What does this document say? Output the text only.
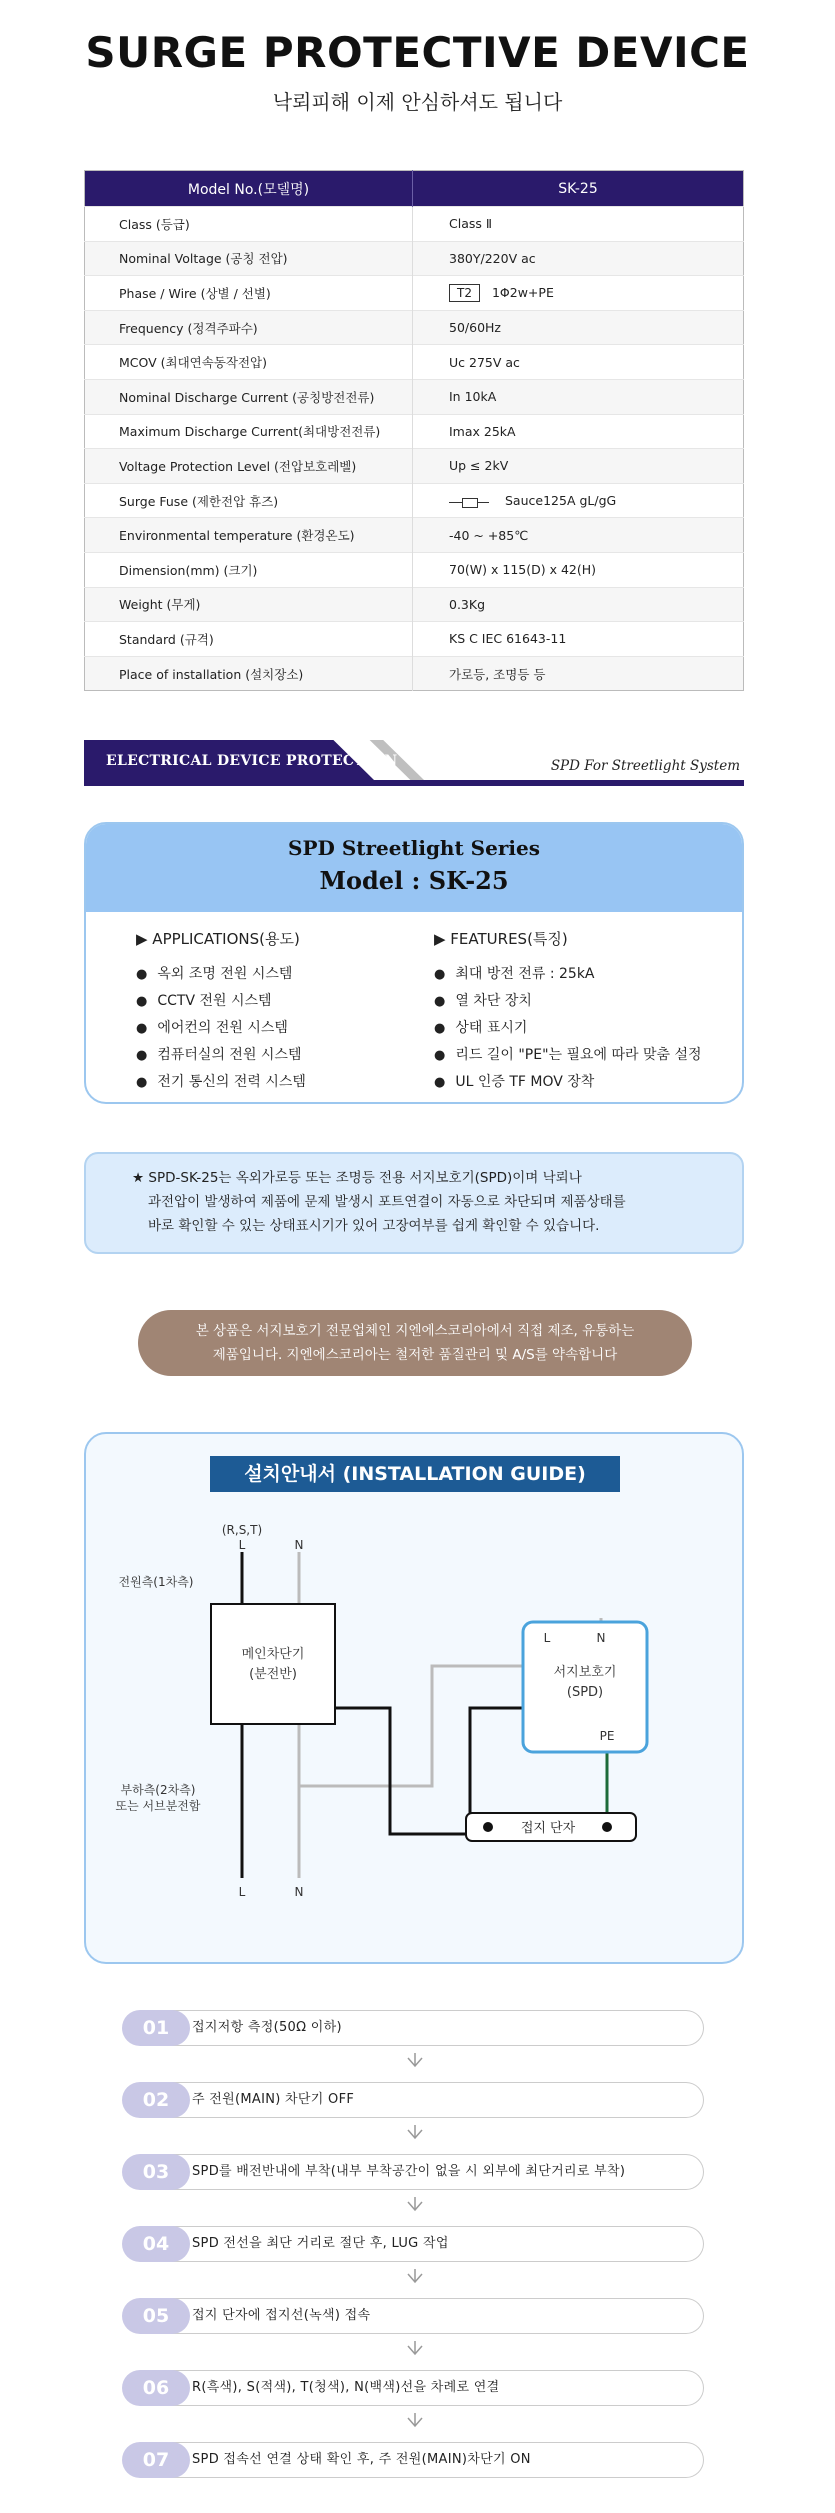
SURGE PROTECTIVE DEVICE
낙뢰피해 이제 안심하셔도 됩니다
Model No.(모델명)	SK-25
Class (등급)	Class Ⅱ
Nominal Voltage (공칭 전압)	380Y/220V ac
Phase / Wire (상별 / 선별)	T2 1Φ2w+PE
Frequency (정격주파수)	50/60Hz
MCOV (최대연속동작전압)	Uc 275V ac
Nominal Discharge Current (공칭방전전류)	In 10kA
Maximum Discharge Current(최대방전전류)	Imax 25kA
Voltage Protection Level (전압보호레벨)	Up ≤ 2kV
Surge Fuse (제한전압 휴즈)	Sauce125A gL/gG
Environmental temperature (환경온도)	-40 ~ +85℃
Dimension(mm) (크기)	70(W) x 115(D) x 42(H)
Weight (무게)	0.3Kg
Standard (규격)	KS C IEC 61643-11
Place of installation (설치장소)	가로등, 조명등 등
ELECTRICAL DEVICE PROTECTION	SPD For Streetlight System
SPD Streetlight Series
Model : SK-25
▶ APPLICATIONS(용도)
● 옥외 조명 전원 시스템
● CCTV 전원 시스템
● 에어컨의 전원 시스템
● 컴퓨터실의 전원 시스템
● 전기 통신의 전력 시스템
▶ FEATURES(특징)
● 최대 방전 전류 : 25kA
● 열 차단 장치
● 상태 표시기
● 리드 길이 "PE"는 필요에 따라 맞춤 설정
● UL 인증 TF MOV 장착
★ SPD-SK-25는 옥외가로등 또는 조명등 전용 서지보호기(SPD)이며 낙뢰나
과전압이 발생하여 제품에 문제 발생시 포트연결이 자동으로 차단되며 제품상태를
바로 확인할 수 있는 상태표시기가 있어 고장여부를 쉽게 확인할 수 있습니다.
본 상품은 서지보호기 전문업체인 지엔에스코리아에서 직접 제조, 유통하는
제품입니다. 지엔에스코리아는 철저한 품질관리 및 A/S를 약속합니다
설치안내서 (INSTALLATION GUIDE)
메인차단기
(분전반)
L	N
서지보호기
(SPD)
PE
접지 단자
(R,S,T)
L	N
전원측(1차측)
부하측(2차측)
또는 서브분전함
L	N
01	접지저항 측정(50Ω 이하)
02	주 전원(MAIN) 차단기 OFF
03	SPD를 배전반내에 부착(내부 부착공간이 없을 시 외부에 최단거리로 부착)
04	SPD 전선을 최단 거리로 절단 후, LUG 작업
05	접지 단자에 접지선(녹색) 접속
06	R(흑색), S(적색), T(청색), N(백색)선을 차례로 연결
07	SPD 접속선 연결 상태 확인 후, 주 전원(MAIN)차단기 ON
